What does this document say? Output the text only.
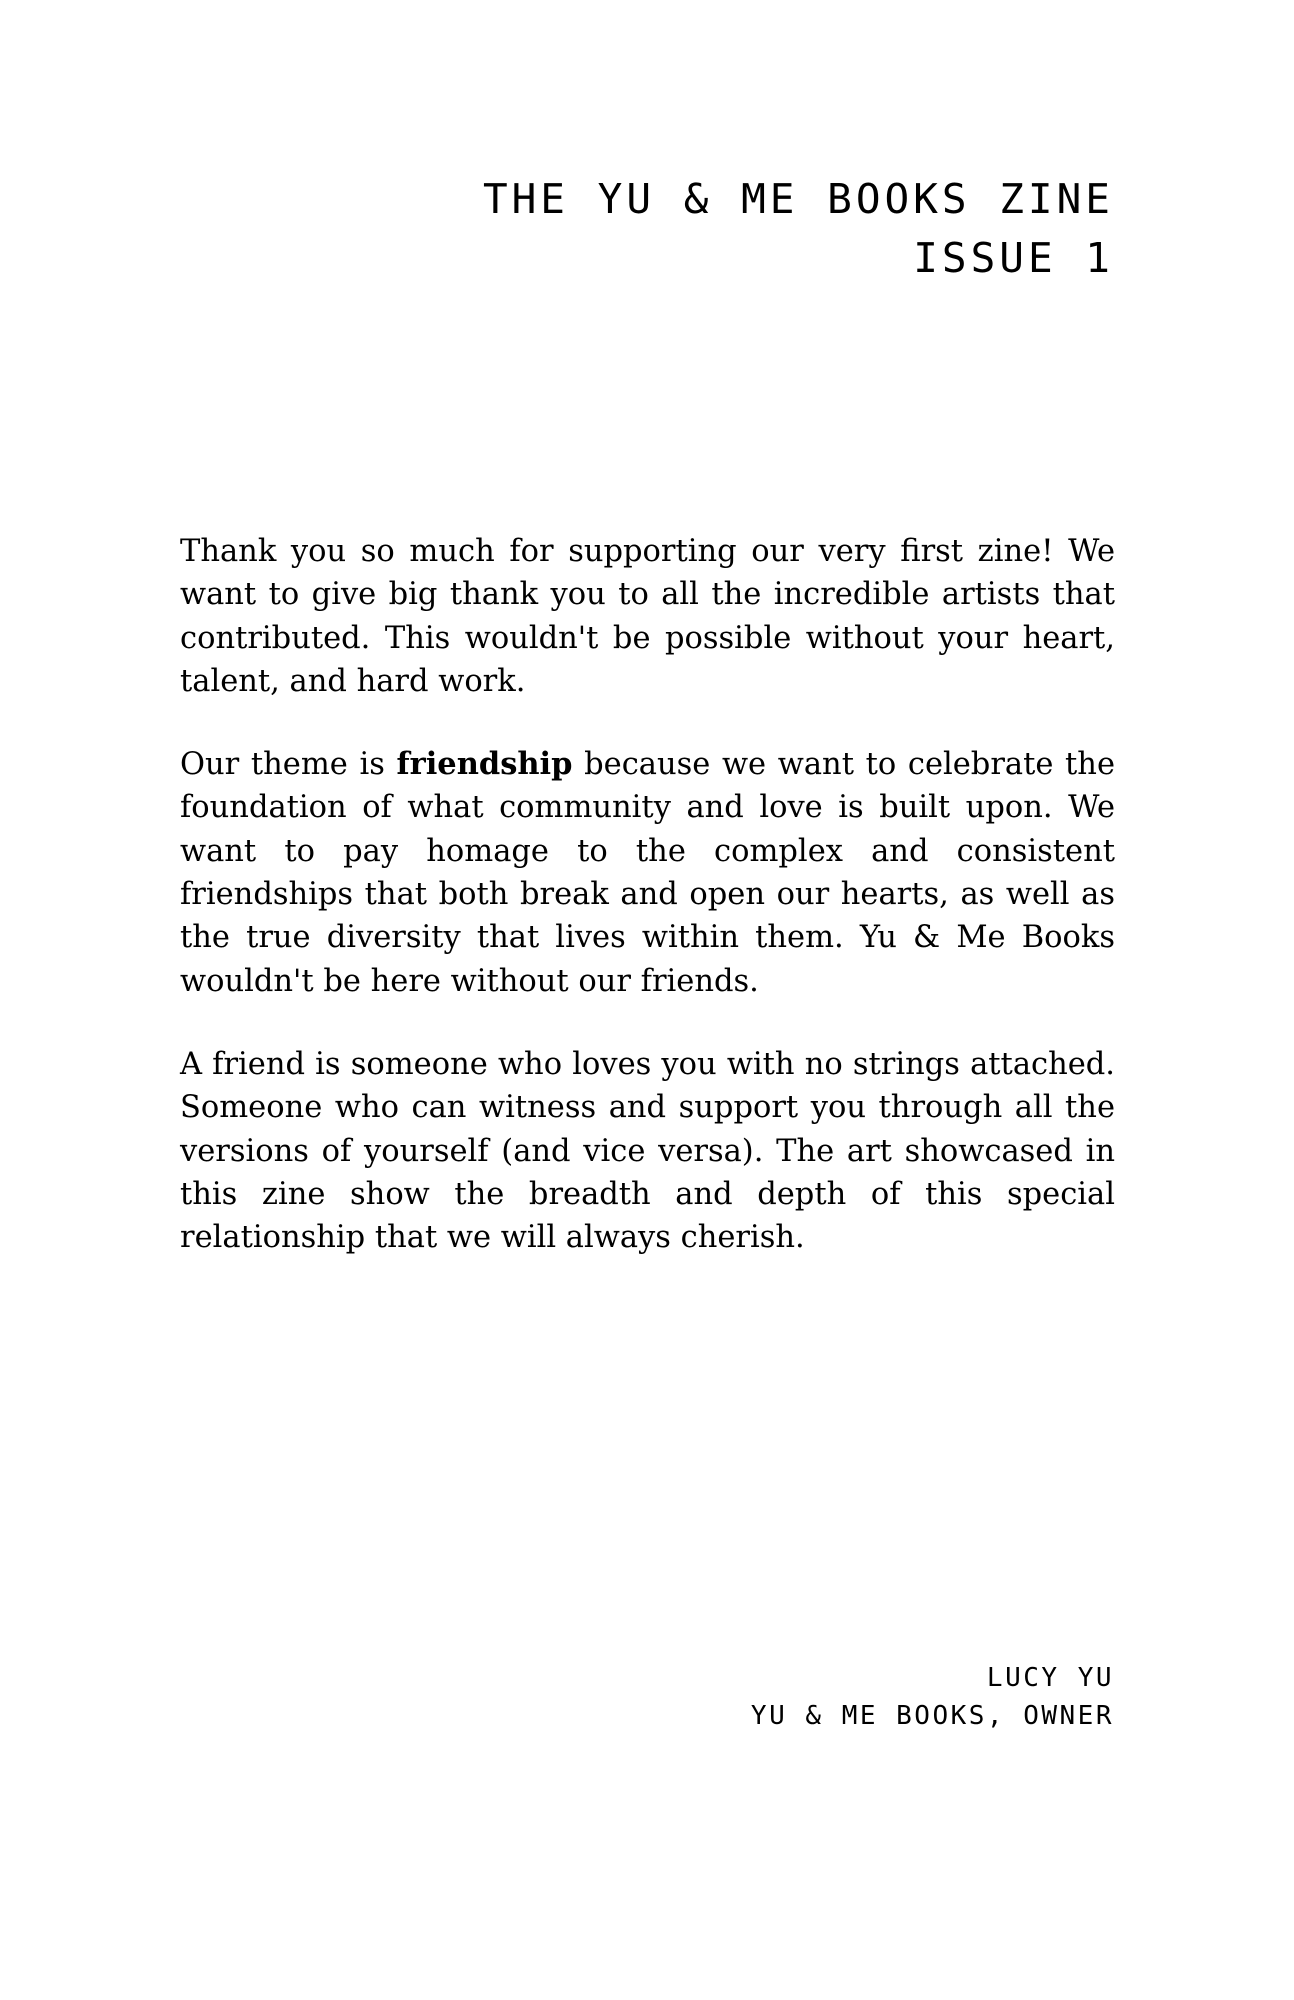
THE YU & ME BOOKS ZINE
ISSUE 1

Thank you so much for supporting our very first zine! We want to give big thank you to all the incredible artists that contributed. This wouldn't be possible without your heart, talent, and hard work.

Our theme is friendship because we want to celebrate the foundation of what community and love is built upon. We want to pay homage to the complex and consistent friendships that both break and open our hearts, as well as the true diversity that lives within them. Yu & Me Books wouldn't be here without our friends.

A friend is someone who loves you with no strings attached. Someone who can witness and support you through all the versions of yourself (and vice versa). The art showcased in this zine show the breadth and depth of this special relationship that we will always cherish.

LUCY YU
YU & ME BOOKS, OWNER
